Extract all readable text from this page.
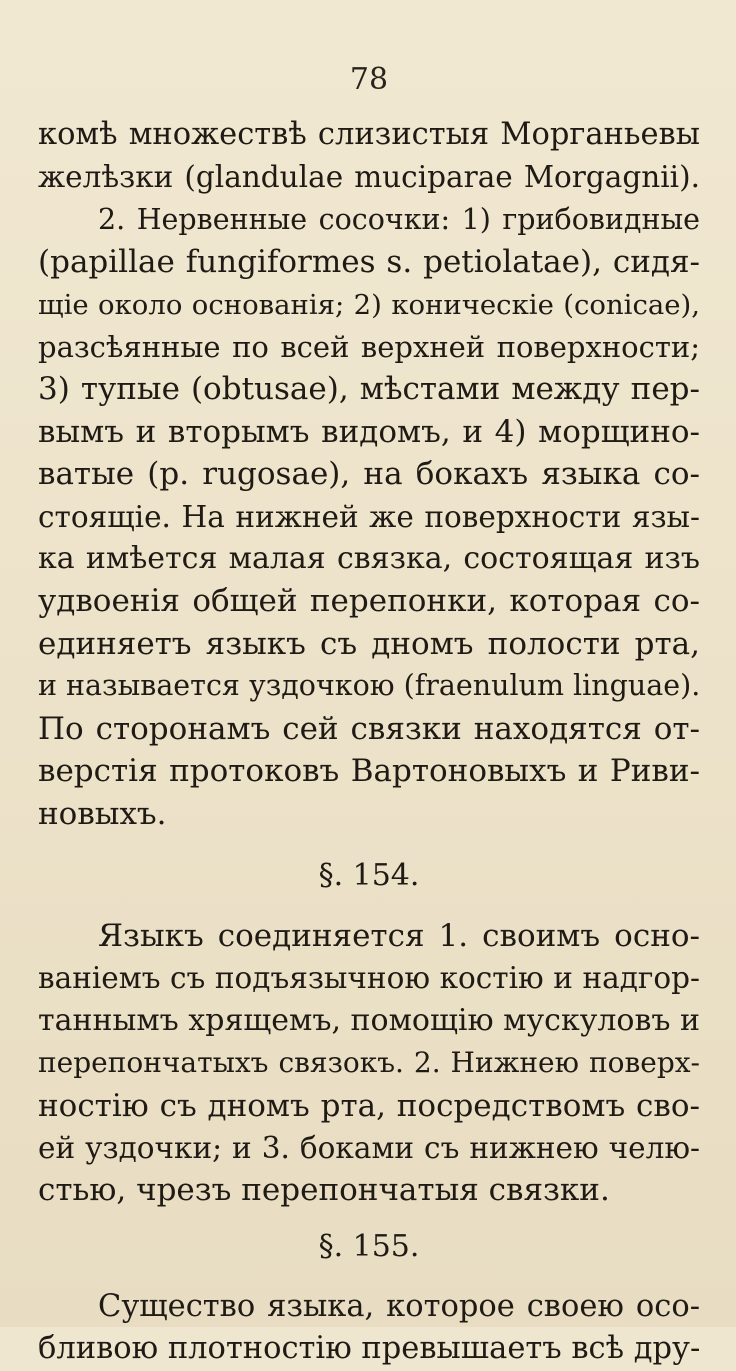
78
комѣ множествѣ слизистыя Морганьевы
желѣзки (glandulae muciparae Morgagnii).
2. Нервенные сосочки: 1) грибовидные
(papillae fungiformes s. petiolatae), сидя-
щіе около основанія; 2) коническіе (conicae),
разсѣянные по всей верхней поверхности;
3) тупые (obtusae), мѣстами между пер-
вымъ и вторымъ видомъ, и 4) морщино-
ватые (p. rugosae), на бокахъ языка со-
стоящіе. На нижней же поверхности язы-
ка имѣется малая связка, состоящая изъ
удвоенія общей перепонки, которая со-
единяетъ языкъ съ дномъ полости рта,
и называется уздочкою (fraenulum linguae).
По сторонамъ сей связки находятся от-
верстія протоковъ Вартоновыхъ и Риви-
новыхъ.
§. 154.
Языкъ соединяется 1. своимъ осно-
ваніемъ съ подъязычною костію и надгор-
таннымъ хрящемъ, помощію мускуловъ и
перепончатыхъ связокъ. 2. Нижнею поверх-
ностію съ дномъ рта, посредствомъ сво-
ей уздочки; и 3. боками съ нижнею челю-
стью, чрезъ перепончатыя связки.
§. 155.
Существо языка, которое своею осо-
бливою плотностію превышаетъ всѣ дру-
